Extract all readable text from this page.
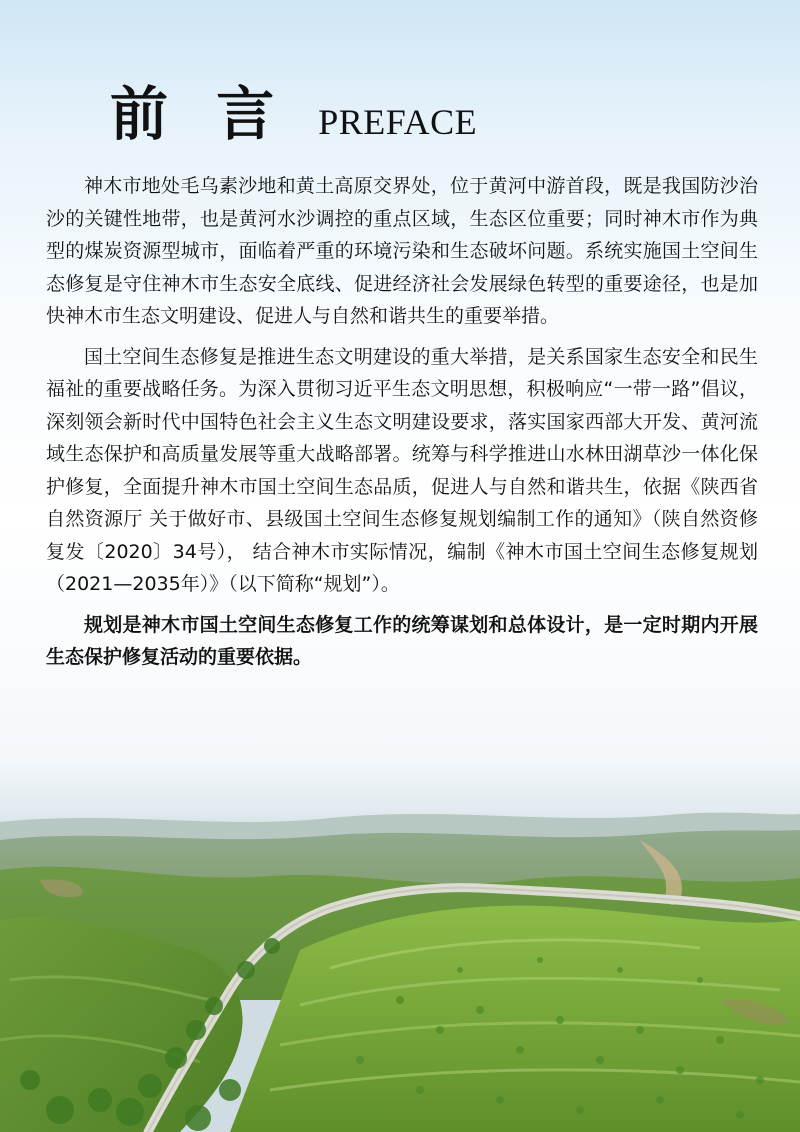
前 言 PREFACE

神木市地处毛乌素沙地和黄土高原交界处，位于黄河中游首段，既是我国防沙治沙的关键性地带，也是黄河水沙调控的重点区域，生态区位重要；同时神木市作为典型的煤炭资源型城市，面临着严重的环境污染和生态破坏问题。系统实施国土空间生态修复是守住神木市生态安全底线、促进经济社会发展绿色转型的重要途径，也是加快神木市生态文明建设、促进人与自然和谐共生的重要举措。

国土空间生态修复是推进生态文明建设的重大举措，是关系国家生态安全和民生福祉的重要战略任务。为深入贯彻习近平生态文明思想，积极响应“一带一路”倡议，深刻领会新时代中国特色社会主义生态文明建设要求，落实国家西部大开发、黄河流域生态保护和高质量发展等重大战略部署。统筹与科学推进山水林田湖草沙一体化保护修复，全面提升神木市国土空间生态品质，促进人与自然和谐共生，依据《陕西省自然资源厅 关于做好市、县级国土空间生态修复规划编制工作的通知》（陕自然资修复发〔2020〕34号）， 结合神木市实际情况，编制《神木市国土空间生态修复规划（2021—2035年）》（以下简称“规划”）。

规划是神木市国土空间生态修复工作的统筹谋划和总体设计，是一定时期内开展生态保护修复活动的重要依据。
